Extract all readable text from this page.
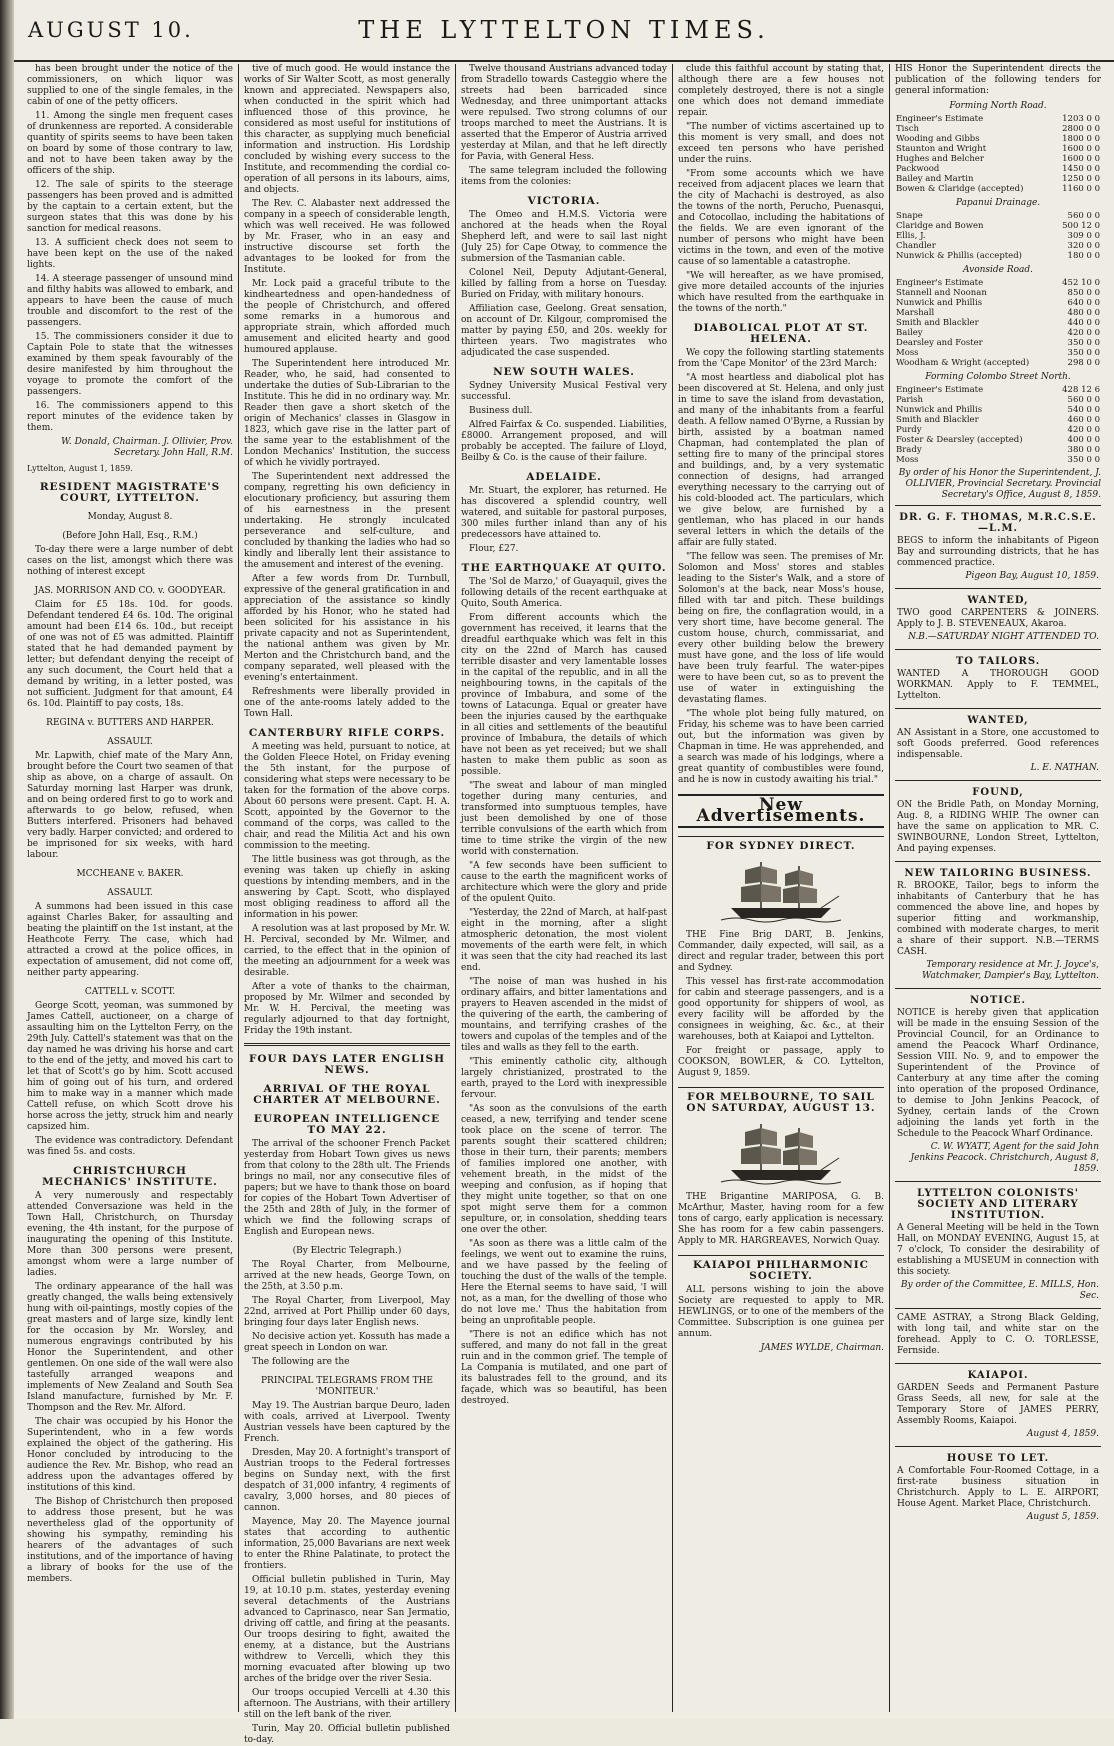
AUGUST 10.	THE LYTTELTON TIMES.

has been brought under the notice of the commissioners, on which liquor was supplied to one of the single females, in the cabin of one of the petty officers.

11. Among the single men frequent cases of drunkenness are reported. A considerable quantity of spirits seems to have been taken on board by some of those contrary to law, and not to have been taken away by the officers of the ship.

12. The sale of spirits to the steerage passengers has been proved and is admitted by the captain to a certain extent, but the surgeon states that this was done by his sanction for medical reasons.

13. A sufficient check does not seem to have been kept on the use of the naked lights.

14. A steerage passenger of unsound mind and filthy habits was allowed to embark, and appears to have been the cause of much trouble and discomfort to the rest of the passengers.

15. The commissioners consider it due to Captain Pole to state that the witnesses examined by them speak favourably of the desire manifested by him throughout the voyage to promote the comfort of the passengers.

16. The commissioners append to this report minutes of the evidence taken by them.

W. Donald, Chairman. J. Ollivier, Prov. Secretary. John Hall, R.M.
Lyttelton, August 1, 1859.
RESIDENT MAGISTRATE'S COURT, LYTTELTON.
Monday, August 8.
(Before John Hall, Esq., R.M.)

To-day there were a large number of debt cases on the list, amongst which there was nothing of interest except

JAS. MORRISON AND CO. v. GOODYEAR.

Claim for £5 18s. 10d. for goods. Defendant tendered £4 6s. 10d. The original amount had been £14 6s. 10d., but receipt of one was not of £5 was admitted. Plaintiff stated that he had demanded payment by letter; but defendant denying the receipt of any such document, the Court held that a demand by writing, in a letter posted, was not sufficient. Judgment for that amount, £4 6s. 10d. Plaintiff to pay costs, 18s.

REGINA v. BUTTERS AND HARPER.
ASSAULT.

Mr. Lapwith, chief mate of the Mary Ann, brought before the Court two seamen of that ship as above, on a charge of assault. On Saturday morning last Harper was drunk, and on being ordered first to go to work and afterwards to go below, refused, when Butters interfered. Prisoners had behaved very badly. Harper convicted; and ordered to be imprisoned for six weeks, with hard labour.

MCCHEANE v. BAKER.
ASSAULT.

A summons had been issued in this case against Charles Baker, for assaulting and beating the plaintiff on the 1st instant, at the Heathcote Ferry. The case, which had attracted a crowd at the police offices, in expectation of amusement, did not come off, neither party appearing.

CATTELL v. SCOTT.

George Scott, yeoman, was summoned by James Cattell, auctioneer, on a charge of assaulting him on the Lyttelton Ferry, on the 29th July. Cattell's statement was that on the day named he was driving his horse and cart to the end of the jetty, and moved his cart to let that of Scott's go by him. Scott accused him of going out of his turn, and ordered him to make way in a manner which made Cattell refuse, on which Scott drove his horse across the jetty, struck him and nearly capsized him.

The evidence was contradictory. Defendant was fined 5s. and costs.

CHRISTCHURCH MECHANICS' INSTITUTE.

A very numerously and respectably attended Conversazione was held in the Town Hall, Christchurch, on Thursday evening, the 4th instant, for the purpose of inaugurating the opening of this Institute. More than 300 persons were present, amongst whom were a large number of ladies.

The ordinary appearance of the hall was greatly changed, the walls being extensively hung with oil-paintings, mostly copies of the great masters and of large size, kindly lent for the occasion by Mr. Worsley, and numerous engravings contributed by his Honor the Superintendent, and other gentlemen. On one side of the wall were also tastefully arranged weapons and implements of New Zealand and South Sea Island manufacture, furnished by Mr. F. Thompson and the Rev. Mr. Alford.

The chair was occupied by his Honor the Superintendent, who in a few words explained the object of the gathering. His Honor concluded by introducing to the audience the Rev. Mr. Bishop, who read an address upon the advantages offered by institutions of this kind.

The Bishop of Christchurch then proposed to address those present, but he was nevertheless glad of the opportunity of showing his sympathy, reminding his hearers of the advantages of such institutions, and of the importance of having a library of books for the use of the members.

tive of much good. He would instance the works of Sir Walter Scott, as most generally known and appreciated. Newspapers also, when conducted in the spirit which had influenced those of this province, he considered as most useful for institutions of this character, as supplying much beneficial information and instruction. His Lordship concluded by wishing every success to the Institute, and recommending the cordial co-operation of all persons in its labours, aims, and objects.

The Rev. C. Alabaster next addressed the company in a speech of considerable length, which was well received. He was followed by Mr. Fraser, who in an easy and instructive discourse set forth the advantages to be looked for from the Institute.

Mr. Lock paid a graceful tribute to the kindheartedness and open-handedness of the people of Christchurch, and offered some remarks in a humorous and appropriate strain, which afforded much amusement and elicited hearty and good humoured applause.

The Superintendent here introduced Mr. Reader, who, he said, had consented to undertake the duties of Sub-Librarian to the Institute. This he did in no ordinary way. Mr. Reader then gave a short sketch of the origin of Mechanics' classes in Glasgow in 1823, which gave rise in the latter part of the same year to the establishment of the London Mechanics' Institution, the success of which he vividly portrayed.

The Superintendent next addressed the company, regretting his own deficiency in elocutionary proficiency, but assuring them of his earnestness in the present undertaking. He strongly inculcated perseverance and self-culture, and concluded by thanking the ladies who had so kindly and liberally lent their assistance to the amusement and interest of the evening.

After a few words from Dr. Turnbull, expressive of the general gratification in and appreciation of the assistance so kindly afforded by his Honor, who he stated had been solicited for his assistance in his private capacity and not as Superintendent, the national anthem was given by Mr. Merton and the Christchurch band, and the company separated, well pleased with the evening's entertainment.

Refreshments were liberally provided in one of the ante-rooms lately added to the Town Hall.

CANTERBURY RIFLE CORPS.

A meeting was held, pursuant to notice, at the Golden Fleece Hotel, on Friday evening the 5th instant, for the purpose of considering what steps were necessary to be taken for the formation of the above corps. About 60 persons were present. Capt. H. A. Scott, appointed by the Governor to the command of the corps, was called to the chair, and read the Militia Act and his own commission to the meeting.

The little business was got through, as the evening was taken up chiefly in asking questions by intending members, and in the answering by Capt. Scott, who displayed most obliging readiness to afford all the information in his power.

A resolution was at last proposed by Mr. W. H. Percival, seconded by Mr. Wilmer, and carried, to the effect that in the opinion of the meeting an adjournment for a week was desirable.

After a vote of thanks to the chairman, proposed by Mr. Wilmer and seconded by Mr. W. H. Percival, the meeting was regularly adjourned to that day fortnight, Friday the 19th instant.

FOUR DAYS LATER ENGLISH NEWS.
ARRIVAL OF THE ROYAL CHARTER AT MELBOURNE.
EUROPEAN INTELLIGENCE TO MAY 22.

The arrival of the schooner French Packet yesterday from Hobart Town gives us news from that colony to the 28th ult. The Friends brings no mail, nor any consecutive files of papers; but we have to thank those on board for copies of the Hobart Town Advertiser of the 25th and 28th of July, in the former of which we find the following scraps of English and European news.

(By Electric Telegraph.)

The Royal Charter, from Melbourne, arrived at the new heads, George Town, on the 25th, at 3.50 p.m.

The Royal Charter, from Liverpool, May 22nd, arrived at Port Phillip under 60 days, bringing four days later English news.

No decisive action yet. Kossuth has made a great speech in London on war.

The following are the

PRINCIPAL TELEGRAMS FROM THE 'MONITEUR.'

May 19. The Austrian barque Deuro, laden with coals, arrived at Liverpool. Twenty Austrian vessels have been captured by the French.

Dresden, May 20. A fortnight's transport of Austrian troops to the Federal fortresses begins on Sunday next, with the first despatch of 31,000 infantry, 4 regiments of cavalry, 3,000 horses, and 80 pieces of cannon.

Mayence, May 20. The Mayence journal states that according to authentic information, 25,000 Bavarians are next week to enter the Rhine Palatinate, to protect the frontiers.

Official bulletin published in Turin, May 19, at 10.10 p.m. states, yesterday evening several detachments of the Austrians advanced to Caprinasco, near San Jermatio, driving off cattle, and firing at the peasants. Our troops desiring to fight, awaited the enemy, at a distance, but the Austrians withdrew to Vercelli, which they this morning evacuated after blowing up two arches of the bridge over the river Sesia.

Our troops occupied Vercelli at 4.30 this afternoon. The Austrians, with their artillery still on the left bank of the river.

Turin, May 20. Official bulletin published to-day.

Twelve thousand Austrians advanced today from Stradello towards Casteggio where the streets had been barricaded since Wednesday, and three unimportant attacks were repulsed. Two strong columns of our troops marched to meet the Austrians. It is asserted that the Emperor of Austria arrived yesterday at Milan, and that he left directly for Pavia, with General Hess.

The same telegram included the following items from the colonies:

VICTORIA.

The Omeo and H.M.S. Victoria were anchored at the heads when the Royal Shepherd left, and were to sail last night (July 25) for Cape Otway, to commence the submersion of the Tasmanian cable.

Colonel Neil, Deputy Adjutant-General, killed by falling from a horse on Tuesday. Buried on Friday, with military honours.

Affiliation case, Geelong. Great sensation, on account of Dr. Kilgour, compromised the matter by paying £50, and 20s. weekly for thirteen years. Two magistrates who adjudicated the case suspended.

NEW SOUTH WALES.

Sydney University Musical Festival very successful.

Business dull.

Alfred Fairfax & Co. suspended. Liabilities, £8000. Arrangement proposed, and will probably be accepted. The failure of Lloyd, Beilby & Co. is the cause of their failure.

ADELAIDE.

Mr. Stuart, the explorer, has returned. He has discovered a splendid country, well watered, and suitable for pastoral purposes, 300 miles further inland than any of his predecessors have attained to.

Flour, £27.

THE EARTHQUAKE AT QUITO.

The 'Sol de Marzo,' of Guayaquil, gives the following details of the recent earthquake at Quito, South America.

From different accounts which the government has received, it learns that the dreadful earthquake which was felt in this city on the 22nd of March has caused terrible disaster and very lamentable losses in the capital of the republic, and in all the neighbouring towns, in the capitals of the province of Imbabura, and some of the towns of Latacunga. Equal or greater have been the injuries caused by the earthquake in all cities and settlements of the beautiful province of Imbabura, the details of which have not been as yet received; but we shall hasten to make them public as soon as possible.

"The sweat and labour of man mingled together during many centuries, and transformed into sumptuous temples, have just been demolished by one of those terrible convulsions of the earth which from time to time strike the virgin of the new world with consternation.

"A few seconds have been sufficient to cause to the earth the magnificent works of architecture which were the glory and pride of the opulent Quito.

"Yesterday, the 22nd of March, at half-past eight in the morning, after a slight atmospheric detonation, the most violent movements of the earth were felt, in which it was seen that the city had reached its last end.

"The noise of man was hushed in his ordinary affairs, and bitter lamentations and prayers to Heaven ascended in the midst of the quivering of the earth, the cambering of mountains, and terrifying crashes of the towers and cupolas of the temples and of the tiles and walls as they fell to the earth.

"This eminently catholic city, although largely christianized, prostrated to the earth, prayed to the Lord with inexpressible fervour.

"As soon as the convulsions of the earth ceased, a new, terrifying and tender scene took place on the scene of terror. The parents sought their scattered children; those in their turn, their parents; members of families implored one another, with vehement breath, in the midst of the weeping and confusion, as if hoping that they might unite together, so that on one spot might serve them for a common sepulture, or, in consolation, shedding tears one over the other.

"As soon as there was a little calm of the feelings, we went out to examine the ruins, and we have passed by the feeling of touching the dust of the walls of the temple. Here the Eternal seems to have said, 'I will not, as a man, for the dwelling of those who do not love me.' Thus the habitation from being an unprofitable people.

"There is not an edifice which has not suffered, and many do not fall in the great ruin and in the common grief. The temple of La Compania is mutilated, and one part of its balustrades fell to the ground, and its façade, which was so beautiful, has been destroyed.

clude this faithful account by stating that, although there are a few houses not completely destroyed, there is not a single one which does not demand immediate repair.

"The number of victims ascertained up to this moment is very small, and does not exceed ten persons who have perished under the ruins.

"From some accounts which we have received from adjacent places we learn that the city of Machachi is destroyed, as also the towns of the north, Perucho, Puenasqui, and Cotocollao, including the habitations of the fields. We are even ignorant of the number of persons who might have been victims in the town, and even of the motive cause of so lamentable a catastrophe.

"We will hereafter, as we have promised, give more detailed accounts of the injuries which have resulted from the earthquake in the towns of the north."

DIABOLICAL PLOT AT ST. HELENA.

We copy the following startling statements from the 'Cape Monitor' of the 23rd March:

"A most heartless and diabolical plot has been discovered at St. Helena, and only just in time to save the island from devastation, and many of the inhabitants from a fearful death. A fellow named O'Byrne, a Russian by birth, assisted by a boatman named Chapman, had contemplated the plan of setting fire to many of the principal stores and buildings, and, by a very systematic connection of designs, had arranged everything necessary to the carrying out of his cold-blooded act. The particulars, which we give below, are furnished by a gentleman, who has placed in our hands several letters in which the details of the affair are fully stated.

"The fellow was seen. The premises of Mr. Solomon and Moss' stores and stables leading to the Sister's Walk, and a store of Solomon's at the back, near Moss's house, filled with tar and pitch. These buildings being on fire, the conflagration would, in a very short time, have become general. The custom house, church, commissariat, and every other building below the brewery must have gone, and the loss of life would have been truly fearful. The water-pipes were to have been cut, so as to prevent the use of water in extinguishing the devastating flames.

"The whole plot being fully matured, on Friday, his scheme was to have been carried out, but the information was given by Chapman in time. He was apprehended, and a search was made of his lodgings, where a great quantity of combustibles were found, and he is now in custody awaiting his trial."

New Advertisements.
FOR SYDNEY DIRECT.

THE Fine Brig DART, B. Jenkins, Commander, daily expected, will sail, as a direct and regular trader, between this port and Sydney.

This vessel has first-rate accommodation for cabin and steerage passengers, and is a good opportunity for shippers of wool, as every facility will be afforded by the consignees in weighing, &c. &c., at their warehouses, both at Kaiapoi and Lyttelton.

For freight or passage, apply to COOKSON, BOWLER, & CO. Lyttelton, August 9, 1859.

FOR MELBOURNE, TO SAIL ON SATURDAY, AUGUST 13.

THE Brigantine MARIPOSA, G. B. McArthur, Master, having room for a few tons of cargo, early application is necessary. She has room for a few cabin passengers. Apply to MR. HARGREAVES, Norwich Quay.

KAIAPOI PHILHARMONIC SOCIETY.

ALL persons wishing to join the above Society are requested to apply to MR. HEWLINGS, or to one of the members of the Committee. Subscription is one guinea per annum.

JAMES WYLDE, Chairman.

HIS Honor the Superintendent directs the publication of the following tenders for general information:

Forming North Road.
Engineer's Estimate	1203 0 0
Tisch	2800 0 0
Wooding and Gibbs	1800 0 0
Staunton and Wright	1600 0 0
Hughes and Belcher	1600 0 0
Packwood	1450 0 0
Bailey and Martin	1250 0 0
Bowen & Claridge (accepted)	1160 0 0
Papanui Drainage.
Snape	560 0 0
Claridge and Bowen	500 12 0
Ellis, J.	309 0 0
Chandler	320 0 0
Nunwick & Phillis (accepted)	180 0 0
Avonside Road.
Engineer's Estimate	452 10 0
Stannell and Noonan	850 0 0
Nunwick and Phillis	640 0 0
Marshall	480 0 0
Smith and Blackler	440 0 0
Bailey	420 0 0
Dearsley and Foster	350 0 0
Moss	350 0 0
Woodham & Wright (accepted)	298 0 0
Forming Colombo Street North.
Engineer's Estimate	428 12 6
Parish	560 0 0
Nunwick and Phillis	540 0 0
Smith and Blackler	460 0 0
Purdy	420 0 0
Foster & Dearsley (accepted)	400 0 0
Brady	380 0 0
Moss	350 0 0
By order of his Honor the Superintendent, J. OLLIVIER, Provincial Secretary. Provincial Secretary's Office, August 8, 1859.
DR. G. F. THOMAS, M.R.C.S.E.—L.M.
BEGS to inform the inhabitants of Pigeon Bay and surrounding districts, that he has commenced practice.
Pigeon Bay, August 10, 1859.
WANTED,
TWO good CARPENTERS & JOINERS. Apply to J. B. STEVENEAUX, Akaroa.
N.B.—SATURDAY NIGHT ATTENDED TO.
TO TAILORS.
WANTED A THOROUGH GOOD WORKMAN. Apply to F. TEMMEL, Lyttelton.
WANTED,
AN Assistant in a Store, one accustomed to soft Goods preferred. Good references indispensable.
L. E. NATHAN.
FOUND,
ON the Bridle Path, on Monday Morning, Aug. 8, a RIDING WHIP. The owner can have the same on application to MR. C. SWINBOURNE, London Street, Lyttelton, And paying expenses.
NEW TAILORING BUSINESS.
R. BROOKE, Tailor, begs to inform the inhabitants of Canterbury that he has commenced the above line, and hopes by superior fitting and workmanship, combined with moderate charges, to merit a share of their support. N.B.—TERMS CASH.
Temporary residence at Mr. J. Joyce's, Watchmaker, Dampier's Bay, Lyttelton.
NOTICE.
NOTICE is hereby given that application will be made in the ensuing Session of the Provincial Council, for an Ordinance to amend the Peacock Wharf Ordinance, Session VIII. No. 9, and to empower the Superintendent of the Province of Canterbury at any time after the coming into operation of the proposed Ordinance, to demise to John Jenkins Peacock, of Sydney, certain lands of the Crown adjoining the lands yet forth in the Schedule to the Peacock Wharf Ordinance.
C. W. WYATT, Agent for the said John Jenkins Peacock. Christchurch, August 8, 1859.
LYTTELTON COLONISTS' SOCIETY AND LITERARY INSTITUTION.
A General Meeting will be held in the Town Hall, on MONDAY EVENING, August 15, at 7 o'clock, To consider the desirability of establishing a MUSEUM in connection with this society.
By order of the Committee, E. MILLS, Hon. Sec.
CAME ASTRAY, a Strong Black Gelding, with long tail, and white star on the forehead. Apply to C. O. TORLESSE, Fernside.
KAIAPOI.
GARDEN Seeds and Permanent Pasture Grass Seeds, all new, for sale at the Temporary Store of JAMES PERRY, Assembly Rooms, Kaiapoi.
August 4, 1859.
HOUSE TO LET.
A Comfortable Four-Roomed Cottage, in a first-rate business situation in Christchurch. Apply to L. E. AIRPORT, House Agent. Market Place, Christchurch.
August 5, 1859.
